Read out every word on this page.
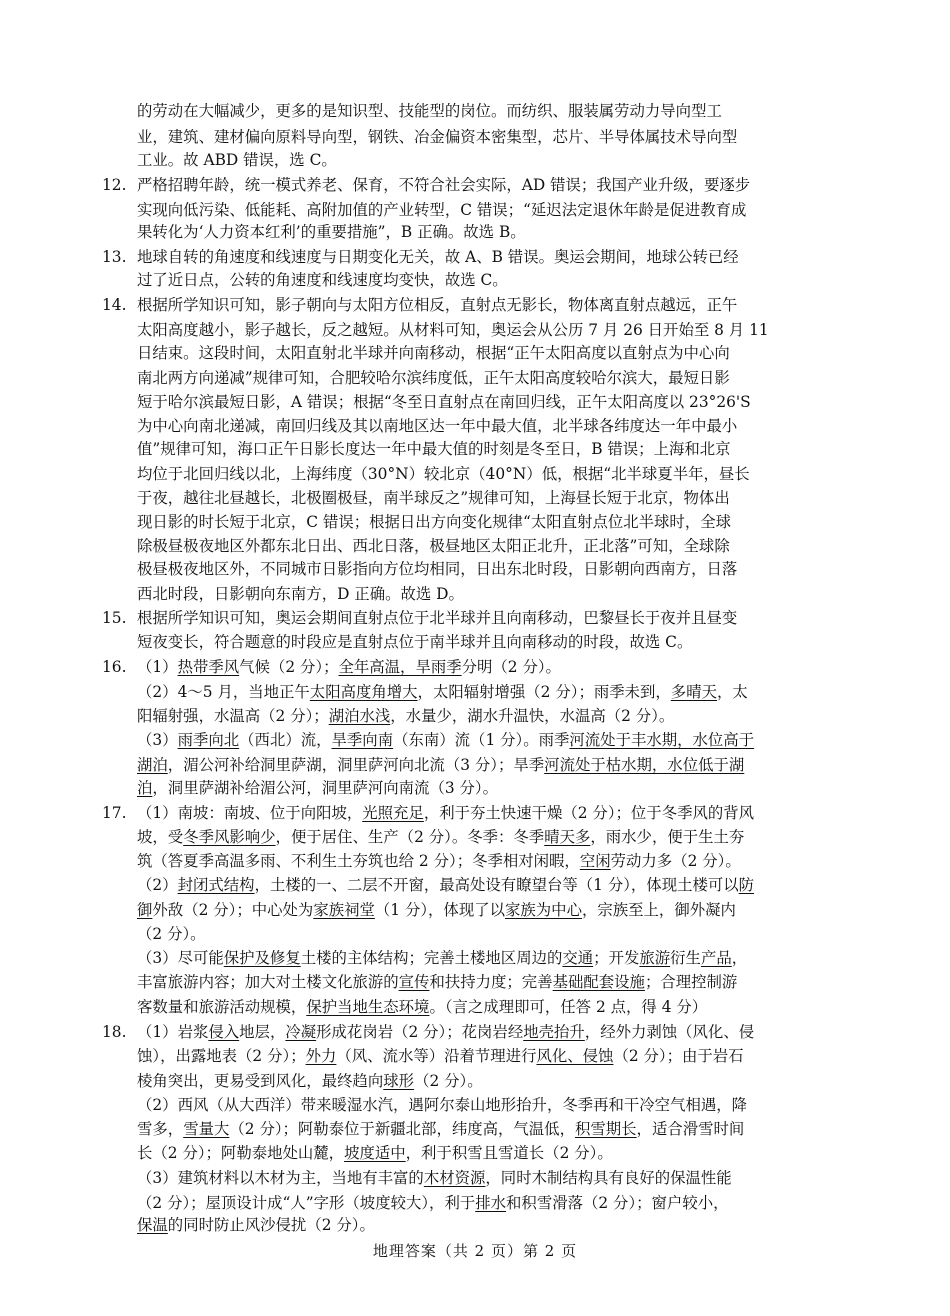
的劳动在大幅减少，更多的是知识型、技能型的岗位。而纺织、服装属劳动力导向型工
业，建筑、建材偏向原料导向型，钢铁、冶金偏资本密集型，芯片、半导体属技术导向型
工业。故 ABD 错误，选 C。
12. 严格招聘年龄，统一模式养老、保育，不符合社会实际，AD 错误；我国产业升级，要逐步
实现向低污染、低能耗、高附加值的产业转型，C 错误；“延迟法定退休年龄是促进教育成
果转化为‘人力资本红利’的重要措施”，B 正确。故选 B。
13. 地球自转的角速度和线速度与日期变化无关，故 A、B 错误。奥运会期间，地球公转已经
过了近日点，公转的角速度和线速度均变快，故选 C。
14. 根据所学知识可知，影子朝向与太阳方位相反，直射点无影长，物体离直射点越远，正午
太阳高度越小，影子越长，反之越短。从材料可知，奥运会从公历 7 月 26 日开始至 8 月 11
日结束。这段时间，太阳直射北半球并向南移动，根据“正午太阳高度以直射点为中心向
南北两方向递减”规律可知，合肥较哈尔滨纬度低，正午太阳高度较哈尔滨大，最短日影
短于哈尔滨最短日影，A 错误；根据“冬至日直射点在南回归线，正午太阳高度以 23°26'S
为中心向南北递减，南回归线及其以南地区达一年中最大值，北半球各纬度达一年中最小
值”规律可知，海口正午日影长度达一年中最大值的时刻是冬至日，B 错误；上海和北京
均位于北回归线以北，上海纬度（30°N）较北京（40°N）低，根据“北半球夏半年，昼长
于夜，越往北昼越长，北极圈极昼，南半球反之”规律可知，上海昼长短于北京，物体出
现日影的时长短于北京，C 错误；根据日出方向变化规律“太阳直射点位北半球时，全球
除极昼极夜地区外都东北日出、西北日落，极昼地区太阳正北升，正北落”可知，全球除
极昼极夜地区外，不同城市日影指向方位均相同，日出东北时段，日影朝向西南方，日落
西北时段，日影朝向东南方，D 正确。故选 D。
15. 根据所学知识可知，奥运会期间直射点位于北半球并且向南移动，巴黎昼长于夜并且昼变
短夜变长，符合题意的时段应是直射点位于南半球并且向南移动的时段，故选 C。
16. （1）热带季风气候（2 分）；全年高温，旱雨季分明（2 分）。
（2）4～5 月，当地正午太阳高度角增大，太阳辐射增强（2 分）；雨季未到，多晴天，太
阳辐射强，水温高（2 分）；湖泊水浅，水量少，湖水升温快，水温高（2 分）。
（3）雨季向北（西北）流，旱季向南（东南）流（1 分）。雨季河流处于丰水期，水位高于
湖泊，湄公河补给洞里萨湖，洞里萨河向北流（3 分）；旱季河流处于枯水期，水位低于湖
泊，洞里萨湖补给湄公河，洞里萨河向南流（3 分）。
17. （1）南坡：南坡、位于向阳坡，光照充足，利于夯土快速干燥（2 分）；位于冬季风的背风
坡，受冬季风影响少，便于居住、生产（2 分）。冬季：冬季晴天多，雨水少，便于生土夯
筑（答夏季高温多雨、不利生土夯筑也给 2 分）；冬季相对闲暇，空闲劳动力多（2 分）。
（2）封闭式结构，土楼的一、二层不开窗，最高处设有瞭望台等（1 分），体现土楼可以防
御外敌（2 分）；中心处为家族祠堂（1 分），体现了以家族为中心，宗族至上，御外凝内
（2 分）。
（3）尽可能保护及修复土楼的主体结构；完善土楼地区周边的交通；开发旅游衍生产品，
丰富旅游内容；加大对土楼文化旅游的宣传和扶持力度；完善基础配套设施；合理控制游
客数量和旅游活动规模，保护当地生态环境。（言之成理即可，任答 2 点，得 4 分）
18. （1）岩浆侵入地层，冷凝形成花岗岩（2 分）；花岗岩经地壳抬升，经外力剥蚀（风化、侵
蚀），出露地表（2 分）；外力（风、流水等）沿着节理进行风化、侵蚀（2 分）；由于岩石
棱角突出，更易受到风化，最终趋向球形（2 分）。
（2）西风（从大西洋）带来暖湿水汽，遇阿尔泰山地形抬升，冬季再和干冷空气相遇，降
雪多，雪量大（2 分）；阿勒泰位于新疆北部，纬度高，气温低，积雪期长，适合滑雪时间
长（2 分）；阿勒泰地处山麓，坡度适中，利于积雪且雪道长（2 分）。
（3）建筑材料以木材为主，当地有丰富的木材资源，同时木制结构具有良好的保温性能
（2 分）；屋顶设计成“人”字形（坡度较大），利于排水和积雪滑落（2 分）；窗户较小，
保温的同时防止风沙侵扰（2 分）。
地理答案（共 2 页）第 2 页
